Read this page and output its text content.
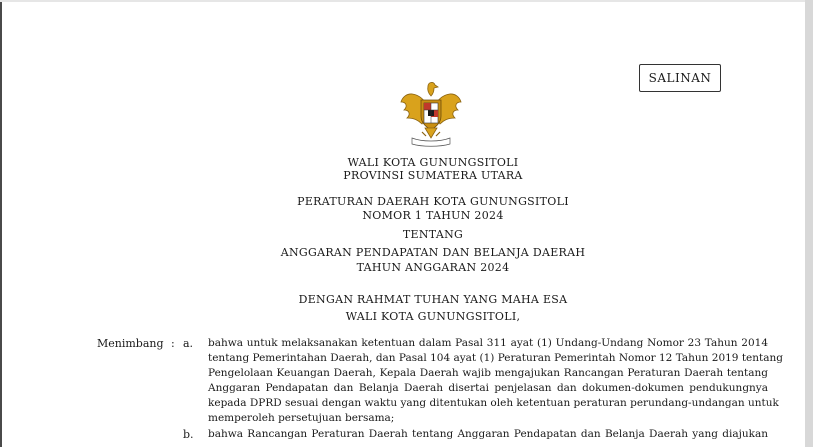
SALINAN
WALI KOTA GUNUNGSITOLI
PROVINSI SUMATERA UTARA
PERATURAN DAERAH KOTA GUNUNGSITOLI
NOMOR 1 TAHUN 2024
TENTANG
ANGGARAN PENDAPATAN DAN BELANJA DAERAH
TAHUN ANGGARAN 2024
DENGAN RAHMAT TUHAN YANG MAHA ESA
WALI KOTA GUNUNGSITOLI,
Menimbang : a. bahwa untuk melaksanakan ketentuan dalam Pasal 311 ayat (1) Undang-Undang Nomor 23 Tahun 2014
tentang Pemerintahan Daerah, dan Pasal 104 ayat (1) Peraturan Pemerintah Nomor 12 Tahun 2019 tentang
Pengelolaan Keuangan Daerah, Kepala Daerah wajib mengajukan Rancangan Peraturan Daerah tentang
Anggaran Pendapatan dan Belanja Daerah disertai penjelasan dan dokumen-dokumen pendukungnya
kepada DPRD sesuai dengan waktu yang ditentukan oleh ketentuan peraturan perundang-undangan untuk
memperoleh persetujuan bersama;
b. bahwa Rancangan Peraturan Daerah tentang Anggaran Pendapatan dan Belanja Daerah yang diajukan
